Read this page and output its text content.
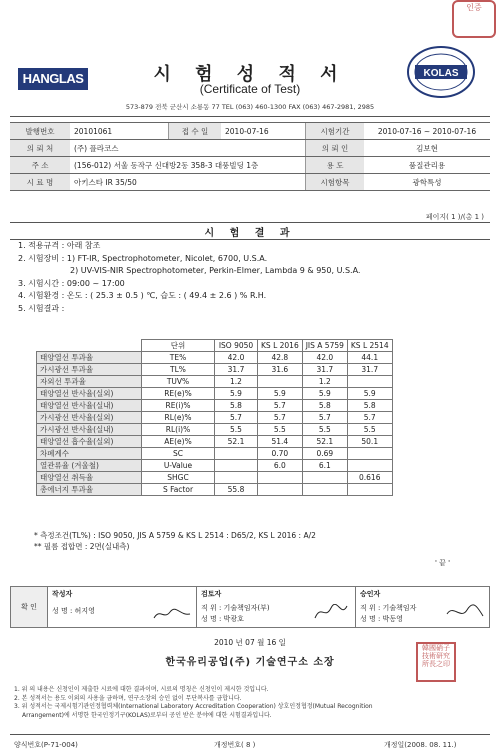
HANGLAS	시 험 성 적 서
(Certificate of Test)
KOLAS
인증
573-879 전북 군산시 소룡동 77 TEL (063) 460-1300 FAX (063) 467-2981, 2985
발행번호	20101061	접 수 일	2010-07-16	시험기간	2010-07-16 ~ 2010-07-16
의 뢰 처	(주) 플라코스			의 뢰 인	김보현
주 소	(156-012) 서울 동작구 신대방2동 358-3 대풍빌딩 1층			용 도	품질관리용
시 료 명	아키스타 IR 35/50			시험항목	광학특성
페이지( 1 )/(총 1 )
시 험 결 과
1. 적용규격 : 아래 참조
2. 시험장비 : 1) FT-IR, Spectrophotometer, Nicolet, 6700, U.S.A.
2) UV-VIS-NIR Spectrophotometer, Perkin-Elmer, Lambda 9 & 950, U.S.A.
3. 시험시간 : 09:00 ~ 17:00
4. 시험환경 : 온도 : ( 25.3 ± 0.5 ) ℃, 습도 : ( 49.4 ± 2.6 ) % R.H.
5. 시험결과 :
	단위	ISO 9050	KS L 2016	JIS A 5759	KS L 2514
태양열선 투과율	TE%	42.0	42.8	42.0	44.1
가시광선 투과율	TL%	31.7	31.6	31.7	31.7
자외선 투과율	TUV%	1.2		1.2	
태양열선 반사율(실외)	RE(e)%	5.9	5.9	5.9	5.9
태양열선 반사율(실내)	RE(i)%	5.8	5.7	5.8	5.8
가시광선 반사율(실외)	RL(e)%	5.7	5.7	5.7	5.7
가시광선 반사율(실내)	RL(i)%	5.5	5.5	5.5	5.5
태양열선 흡수율(실외)	AE(e)%	52.1	51.4	52.1	50.1
차폐계수	SC		0.70	0.69	
열관류율 (겨울철)	U-Value		6.0	6.1	
태양열선 취득율	SHGC				0.616
총에너지 투과율	S Factor	55.8			
* 측정조건(TL%) : ISO 9050, JIS A 5759 & KS L 2514 : D65/2, KS L 2016 : A/2
** 필름 접합면 : 2면(실내측)
' 끝 '
확 인	작성자	검토자	승인자
	성 명 : 허지영	직 위 : 기술책임자(부)	직 위 : 기술책임자
		성 명 : 박광호	성 명 : 박동영
2010 년 07 월 16 일
한국유리공업(주) 기술연구소 소장
韓國硝子 技術研究 所長之印
1. 위 의 내용은 신청인이 제출한 시료에 대한 결과이며, 시료의 명칭은 신청인이 제시한 것입니다.
2. 본 성적서는 용도 이외의 사용을 금하며, 연구소장의 승인 없이 무단복사를 금합니다.
3. 위 성적서는 국제시험기관인정협력체(International Laboratory Accreditation Cooperation) 상호인정협정(Mutual Recognition
Arrangement)에 서명한 한국인정기구(KOLAS)로부터 공인 받은 분야에 대한 시험결과입니다.
양식번호(P-71-004)	개정번호( 8 )	개정일(2008. 08. 11.)
